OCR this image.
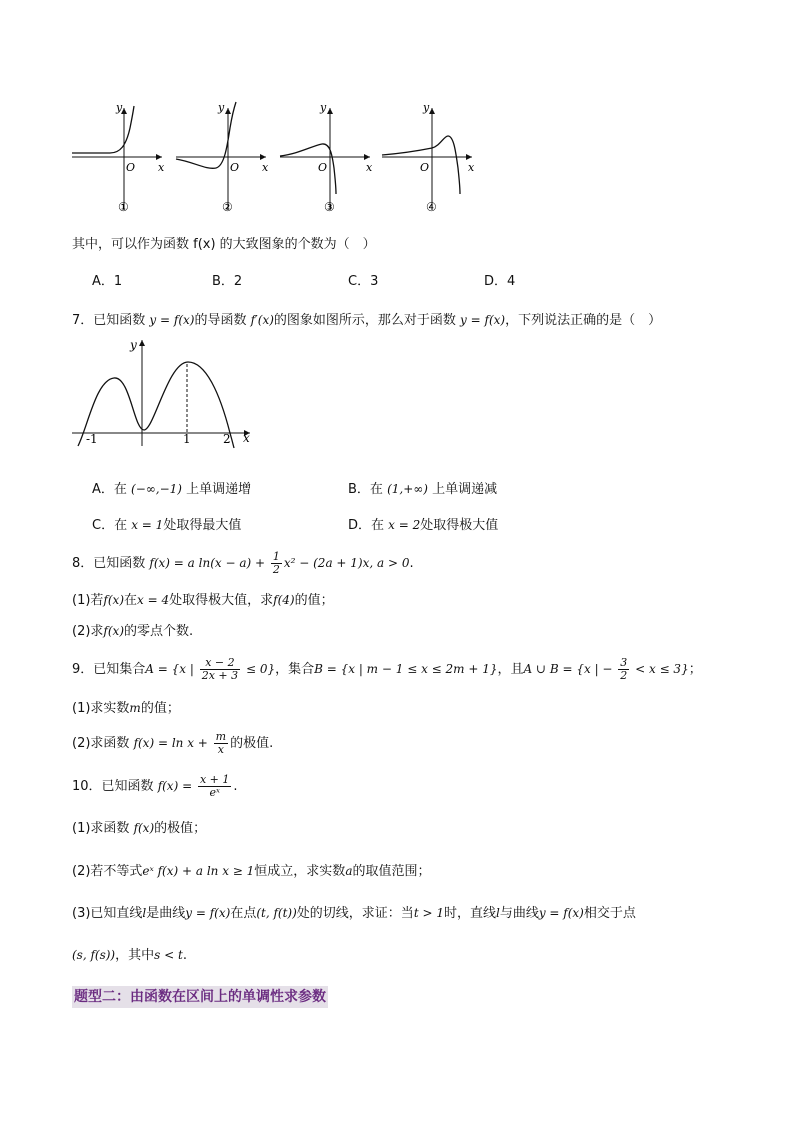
y
x
O
①
y
x
O
②
y
x
O
③
y
x
O
④
其中，可以作为函数 f(x) 的大致图象的个数为（　）
A．1	B．2	C．3	D．4
7．已知函数 y = f(x)的导函数 f′(x)的图象如图所示，那么对于函数 y = f(x)，下列说法正确的是（　）
y
x
-1	1	2
A．在 (−∞,−1) 上单调递增	B．在 (1,+∞) 上单调递减
C．在 x = 1处取得最大值	D．在 x = 2处取得极大值
8．已知函数 f(x) = a $\ln(x - a) + \frac{1}{2} x^2 - (2a + 1)x$, a > 0.
(1)若f(x)在x = 4处取得极大值，求f(4)的值；
(2)求f(x)的零点个数.
9．已知集合A = {x | $\frac{x - 2}{2x + 3} \le 0$}，集合B = {x | m − 1 ≤ x ≤ 2m + 1}，且A ∪ B = {x | − $\frac{3}{2} < x \le 3$}；
(1)求实数m的值；
(2)求函数 $f(x) = \ln x + \frac{m}{x}$ 的极值.
10．已知函数 $f(x) = \frac{x + 1}{\text{eˣ}}$ .
(1)求函数 f(x)的极值；
(2)若不等式eˣ f(x) + a ln x ≥ 1恒成立，求实数a的取值范围；
(3)已知直线l是曲线y = f(x)在点(t, f(t))处的切线，求证：当t > 1时，直线l与曲线y = f(x)相交于点
(s, f(s))，其中s < t.
题型二：由函数在区间上的单调性求参数
